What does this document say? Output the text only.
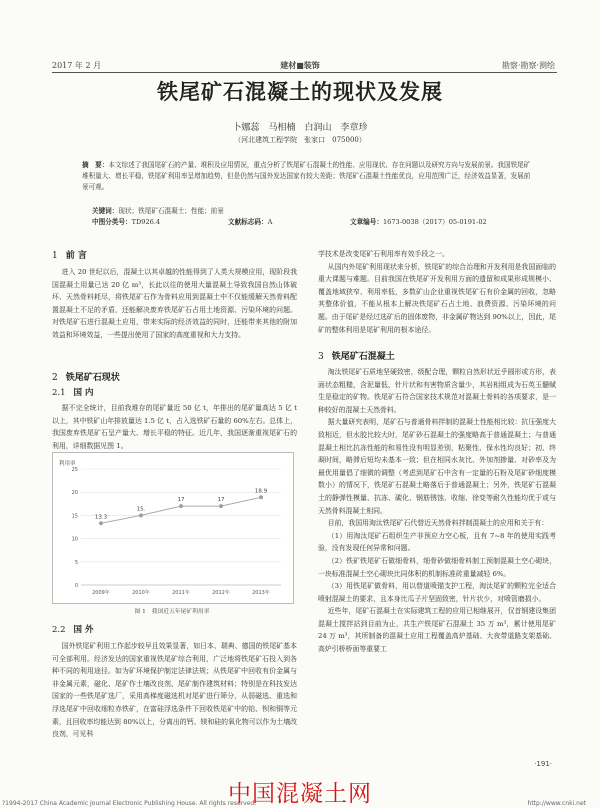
2017 年 2 月	建材■装饰	勘察·勘察·测绘
铁尾矿石混凝土的现状及发展
卜娜蕊　马相楠　白润山　李章珍
（河北建筑工程学院　张家口　075000）
摘　要：本文综述了我国尾矿石的产量、堆积及应用情况，重点分析了铁尾矿石混凝土的性能、应用现状、存在问题以及研究方向与发展前景。我国铁尾矿堆积量大、增长平稳，铁尾矿利用率呈增加趋势，但是仍然与国外发达国家有较大差距；铁尾矿石混凝土性能优良，应用范围广泛，经济效益显著，发展前景可观。
关键词：现状；铁尾矿石混凝土；性能；前景
中图分类号：TD926.4	文献标志码：A	文章编号：1673-0038（2017）05-0191-02
1 前 言

进入 20 世纪以后，混凝土以其卓越的性能得到了人类大规模应用，现阶段我国混凝土用量已达 20 亿 m³，长此以往的使用大量混凝土导致我国自然山体破坏、天然骨料耗尽，将铁尾矿石作为骨料应用到混凝土中不仅能缓解天然骨料配置混凝土不足的矛盾，还能解决废弃铁尾矿石占用土地资源、污染环境的问题。对铁尾矿石进行混凝土应用，带来实际的经济效益的同时，还能带来其他的附加效益和环境效益，一些提出使用了国家的高度重视和大力支持。

2 铁尾矿石现状
2.1 国 内

据不完全统计，目前我堆存的尾矿量近 50 亿 t，年排出的尾矿量高达 5 亿 t 以上，其中铁矿山年排放量达 1.5 亿 t，占入选铁矿石量的 60%左右。总体上，我国废弃铁尾矿石呈产量大、增长平稳的特征。近几年，我国逐渐重视尾矿石的利用，详细数据见图 1。

利用率
0
5
10
15
20
25
2009年	2010年	2011年	2012年	2013年
13.3
15.
17	17
18.9
图 1　我国近五年尾矿利用率
2.2 国 外

国外铁尾矿利用工作起步较早且效果显著，如日本、瑞典、德国的铁尾矿基本可全部利用。经济发达的国家重视铁尾矿综合利用，广泛地将铁尾矿石投入到各种不同的利用途径。如为矿环境保护制定法律法规；从铁尾矿中回收有价金属与非金属元素，磁化、尾矿作土壤改良剂、尾矿制作建筑材料；特别是在科技发达国家的一些铁尾矿选厂，采用高梯度磁选机对尾矿进行筛分，从弱磁选、重选和浮选尾矿中回收细粒赤铁矿，在富硅浮选条件下回收铁尾矿中的铂、钡和铜等元素，且回收率均能达到 80%以上，分离出的钙、镁和硅的氧化物可以作为土壤改良剂，可见科

学技术是改变尾矿石利用率有效手段之一。

从国内外尾矿利用现状来分析，铁尾矿的综合治理和开发利用是我国面临的重大课题与难题。目前我国在铁尾矿开发利用方面的遗留和成果形成规模小、覆盖地域狭窄、利用率低，多数矿山企业重视铁尾矿石有价金属的回收，忽略其整体价值，不能从根本上解决铁尾矿石占土地、浪费资源、污染环境的问题。由于尾矿是经过选矿后的固体废物，非金属矿物达到 90%以上，因此，尾矿的整体利用是尾矿利用的根本途径。

3 铁尾矿石混凝土

淘汰铁尾矿石质地坚硬致密，级配合理，颗粒自然形状近乎圆形或方形，表面状态粗糙，含泥量低，针片状和有害物质含量少，其岩相组成为石英玉髓赋生是稳定的矿物。铁尾矿石符合国家技术规范对混凝土骨料的各项要求，是一种较好的混凝土天然骨料。

据大量研究表明，尾矿石与普通骨料拌制的混凝土性能相比较：抗压强度大致相近，但水胶比较大时，尾矿砂石混凝土的强度略高于普通混凝土；与普通混凝土相比抗冻性能的和易性没有明显差别，粘聚性、保水性均良好；初、终凝时间，略滞后短均未基本一致；但在相同水灰比、外加剂掺量、对砂率及为最优用量倡了细微的调整（考虑到尾矿石中含有一定量的石粉及尾矿砂细度模数小）的情况下，铁尾矿石混凝土略落后于普通混凝土；另外，铁尾矿石混凝土的静弹性模量、抗冻、碳化、钢筋锈蚀、收缩、徐变等耐久性能均优于或与天然骨料混凝土相同。

目前，我国用淘汰铁尾矿石代替近天然骨料拌制混凝土的应用和关于有：

（1）用淘汰尾矿石组织生产非预应力空心板，且有 7~8 年的使用实践考验，没有发现任何异常和问题。

（2）铁矿铁尾矿石做细骨料，细骨砂做细骨料制工预制混凝土空心砌块，一块标准混凝土空心砌块比同体积的机制标准砖重量减轻 6%。

（3）用铁尾矿做骨料，用以替道喷锚支护工程，淘汰尾矿的颗粒完全适合喷射混凝土的要求，且本身比瓜子片坚固致密，针片状少，对喷管磨损小。

近些年，尾矿石混凝土在实际建筑工程的应用已相继展开，仅首钢建设集团混凝土搅拌站到目前为止，共生产铁尾矿石混凝土 35 万 m³，累计使用尾矿 24 万 m³，其所制备的混凝土应用工程覆盖高炉基础、大夜带道路支架基础、高炉引桥桥面等重要工

·191·
中国混凝土网
?1994-2017 China Academic Journal Electronic Publishing House. All rights reserved.	http://www.cnki.net
